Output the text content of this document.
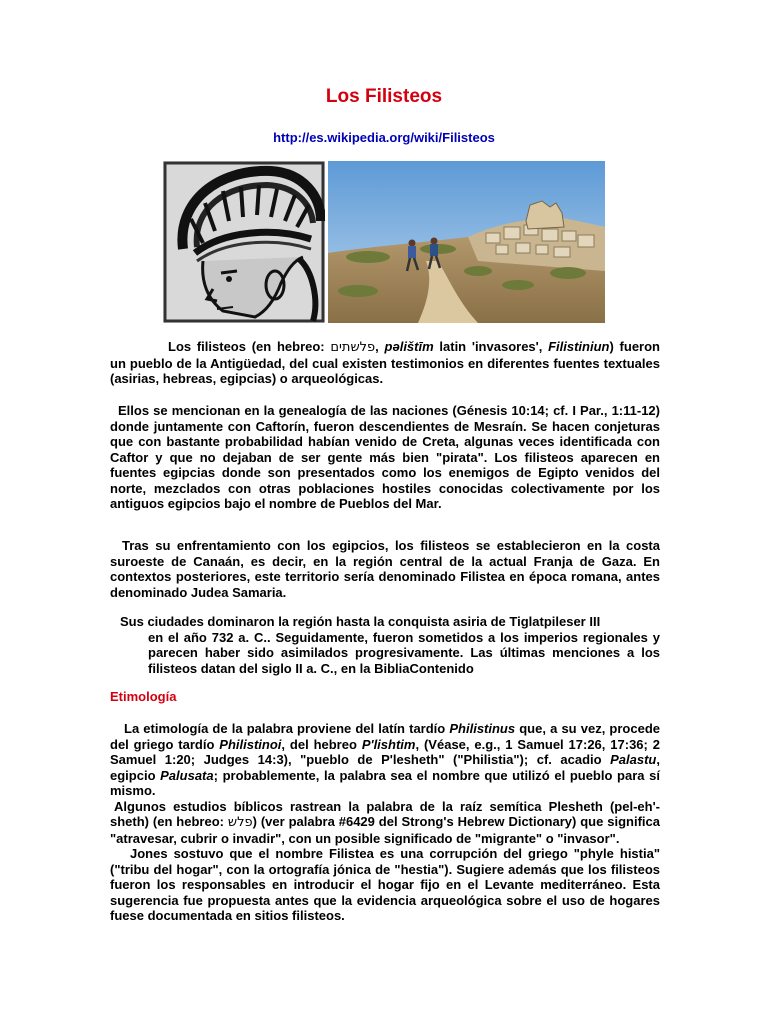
Los Filisteos
http://es.wikipedia.org/wiki/Filisteos

Los filisteos (en hebreo: פלשתים, pəlištīm latin 'invasores', Filistiniun) fueron un pueblo de la Antigüedad, del cual existen testimonios en diferentes fuentes textuales (asirias, hebreas, egipcias) o arqueológicas.

Ellos se mencionan en la genealogía de las naciones (Génesis 10:14; cf. I Par., 1:11-12) donde juntamente con Caftorín, fueron descendientes de Mesraín. Se hacen conjeturas que con bastante probabilidad habían venido de Creta, algunas veces identificada con Caftor y que no dejaban de ser gente más bien "pirata". Los filisteos aparecen en fuentes egipcias donde son presentados como los enemigos de Egipto venidos del norte, mezclados con otras poblaciones hostiles conocidas colectivamente por los antiguos egipcios bajo el nombre de Pueblos del Mar.

Tras su enfrentamiento con los egipcios, los filisteos se establecieron en la costa suroeste de Canaán, es decir, en la región central de la actual Franja de Gaza. En contextos posteriores, este territorio sería denominado Filistea en época romana, antes denominado Judea Samaria.

Sus ciudades dominaron la región hasta la conquista asiria de Tiglatpileser III

en el año 732 a. C.. Seguidamente, fueron sometidos a los imperios regionales y parecen haber sido asimilados progresivamente. Las últimas menciones a los filisteos datan del siglo II a. C., en la BibliaContenido

Etimología

La etimología de la palabra proviene del latín tardío Philistinus que, a su vez, procede del griego tardío Philistinoi, del hebreo P'lishtim, (Véase, e.g., 1 Samuel 17:26, 17:36; 2 Samuel 1:20; Judges 14:3), "pueblo de P'lesheth" ("Philistia"); cf. acadio Palastu, egipcio Palusata; probablemente, la palabra sea el nombre que utilizó el pueblo para sí mismo.

Algunos estudios bíblicos rastrean la palabra de la raíz semítica Plesheth (pel-eh'-sheth) (en hebreo: פלש) (ver palabra #6429 del Strong's Hebrew Dictionary) que significa "atravesar, cubrir o invadir", con un posible significado de "migrante" o "invasor".

Jones sostuvo que el nombre Filistea es una corrupción del griego "phyle histia" ("tribu del hogar", con la ortografía jónica de "hestia"). Sugiere además que los filisteos fueron los responsables en introducir el hogar fijo en el Levante mediterráneo. Esta sugerencia fue propuesta antes que la evidencia arqueológica sobre el uso de hogares fuese documentada en sitios filisteos.
